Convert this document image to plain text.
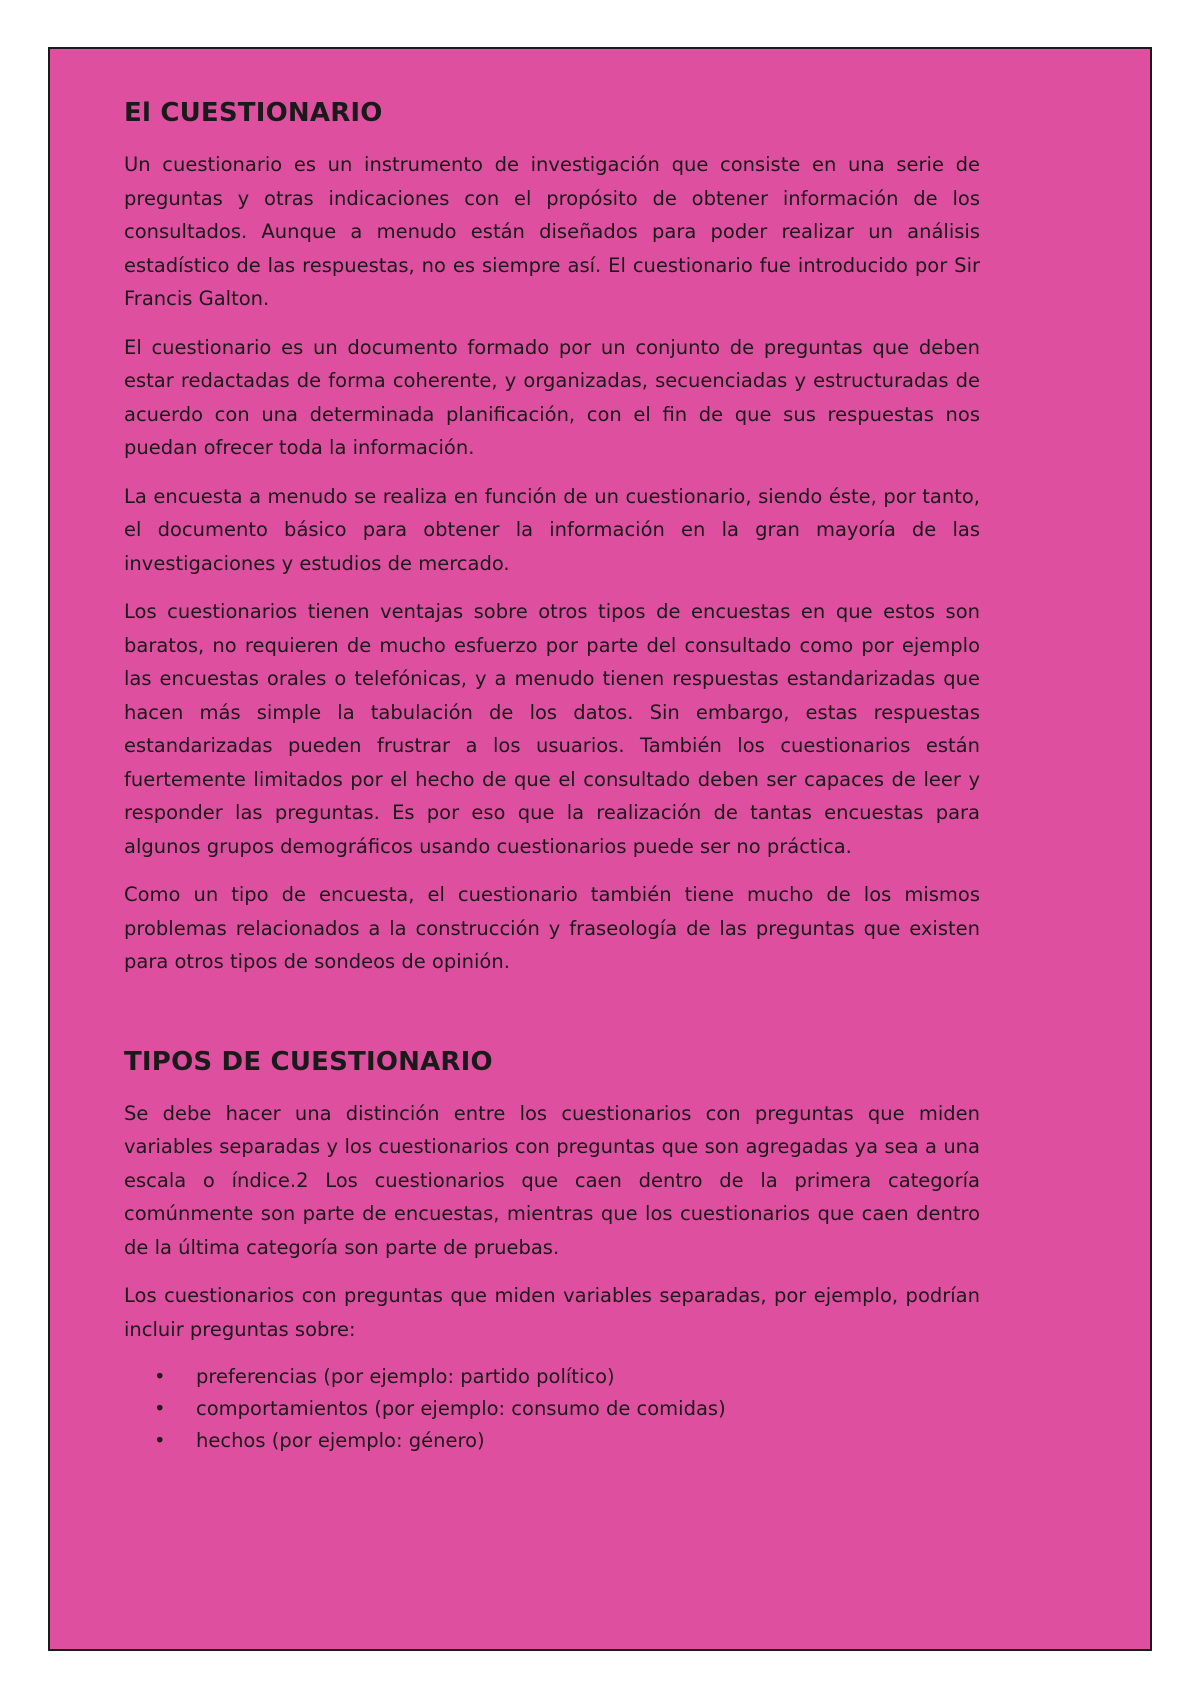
El CUESTIONARIO

Un cuestionario es un instrumento de investigación que consiste en una serie de preguntas y otras indicaciones con el propósito de obtener información de los consultados. Aunque a menudo están diseñados para poder realizar un análisis estadístico de las respuestas, no es siempre así. El cuestionario fue introducido por Sir Francis Galton.

El cuestionario es un documento formado por un conjunto de preguntas que deben estar redactadas de forma coherente, y organizadas, secuenciadas y estructuradas de acuerdo con una determinada planificación, con el fin de que sus respuestas nos puedan ofrecer toda la información.

La encuesta a menudo se realiza en función de un cuestionario, siendo éste, por tanto, el documento básico para obtener la información en la gran mayoría de las investigaciones y estudios de mercado.

Los cuestionarios tienen ventajas sobre otros tipos de encuestas en que estos son baratos, no requieren de mucho esfuerzo por parte del consultado como por ejemplo las encuestas orales o telefónicas, y a menudo tienen respuestas estandarizadas que hacen más simple la tabulación de los datos. Sin embargo, estas respuestas estandarizadas pueden frustrar a los usuarios. También los cuestionarios están fuertemente limitados por el hecho de que el consultado deben ser capaces de leer y responder las preguntas. Es por eso que la realización de tantas encuestas para algunos grupos demográficos usando cuestionarios puede ser no práctica.

Como un tipo de encuesta, el cuestionario también tiene mucho de los mismos problemas relacionados a la construcción y fraseología de las preguntas que existen para otros tipos de sondeos de opinión.

TIPOS DE CUESTIONARIO

Se debe hacer una distinción entre los cuestionarios con preguntas que miden variables separadas y los cuestionarios con preguntas que son agregadas ya sea a una escala o índice.2 Los cuestionarios que caen dentro de la primera categoría comúnmente son parte de encuestas, mientras que los cuestionarios que caen dentro de la última categoría son parte de pruebas.

Los cuestionarios con preguntas que miden variables separadas, por ejemplo, podrían incluir preguntas sobre:

• preferencias (por ejemplo: partido político)
• comportamientos (por ejemplo: consumo de comidas)
• hechos (por ejemplo: género)
